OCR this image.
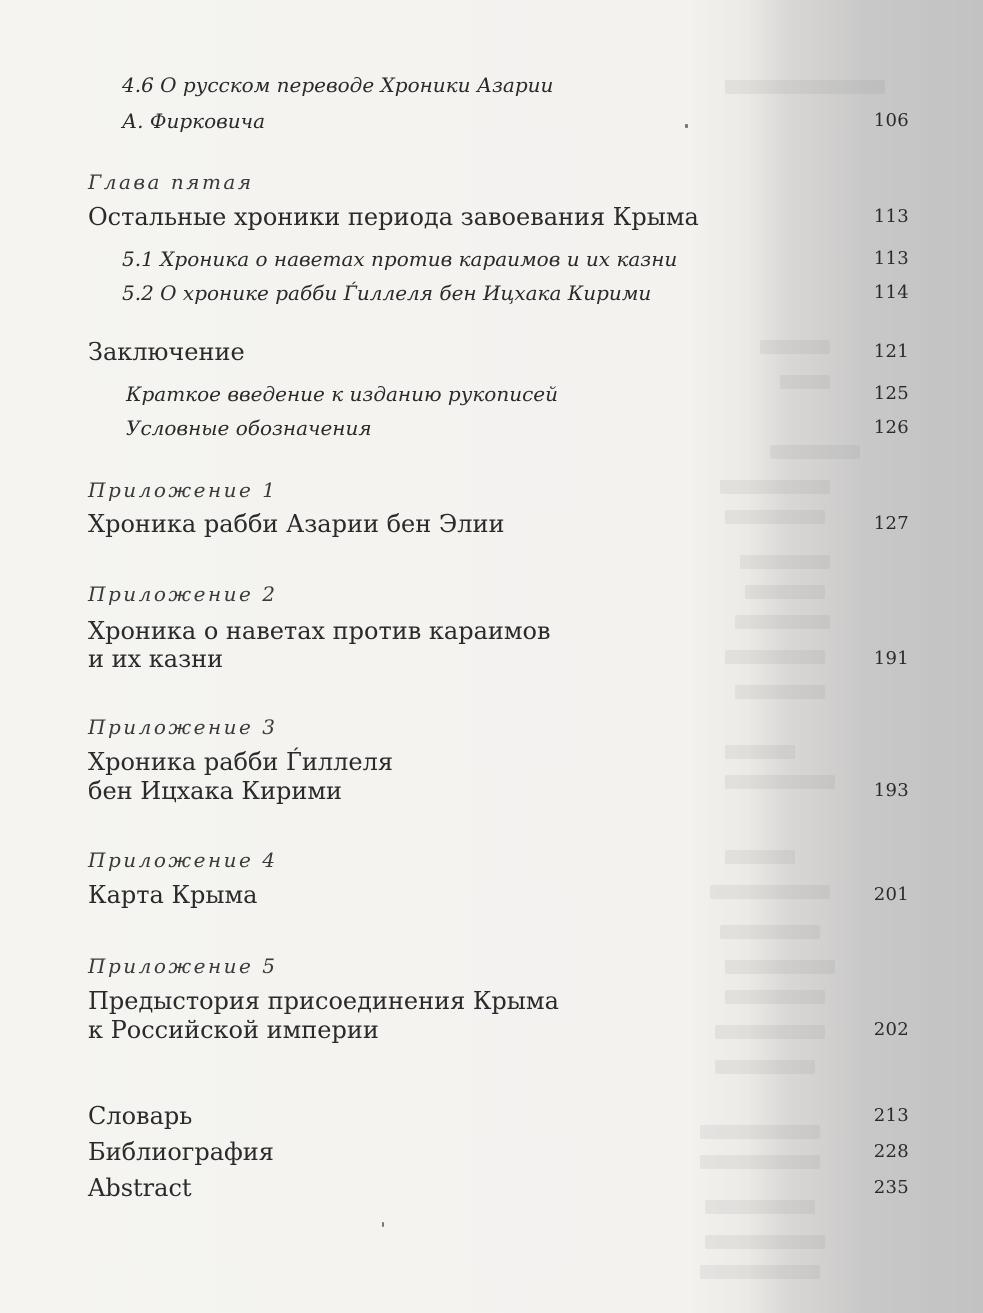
4.6 О русском переводе Хроники Азарии
А. Фирковича	106
Глава пятая
Остальные хроники периода завоевания Крыма	113
5.1 Хроника о наветах против караимов и их казни	113
5.2 О хронике рабби Ѓиллеля бен Ицхака Кирими	114
Заключение	121
Краткое введение к изданию рукописей	125
Условные обозначения	126
Приложение 1
Хроника рабби Азарии бен Элии	127
Приложение 2
Хроника о наветах против караимов
и их казни	191
Приложение 3
Хроника рабби Ѓиллеля
бен Ицхака Кирими	193
Приложение 4
Карта Крыма	201
Приложение 5
Предыстория присоединения Крыма
к Российской империи	202
Словарь	213
Библиография	228
Abstract	235
